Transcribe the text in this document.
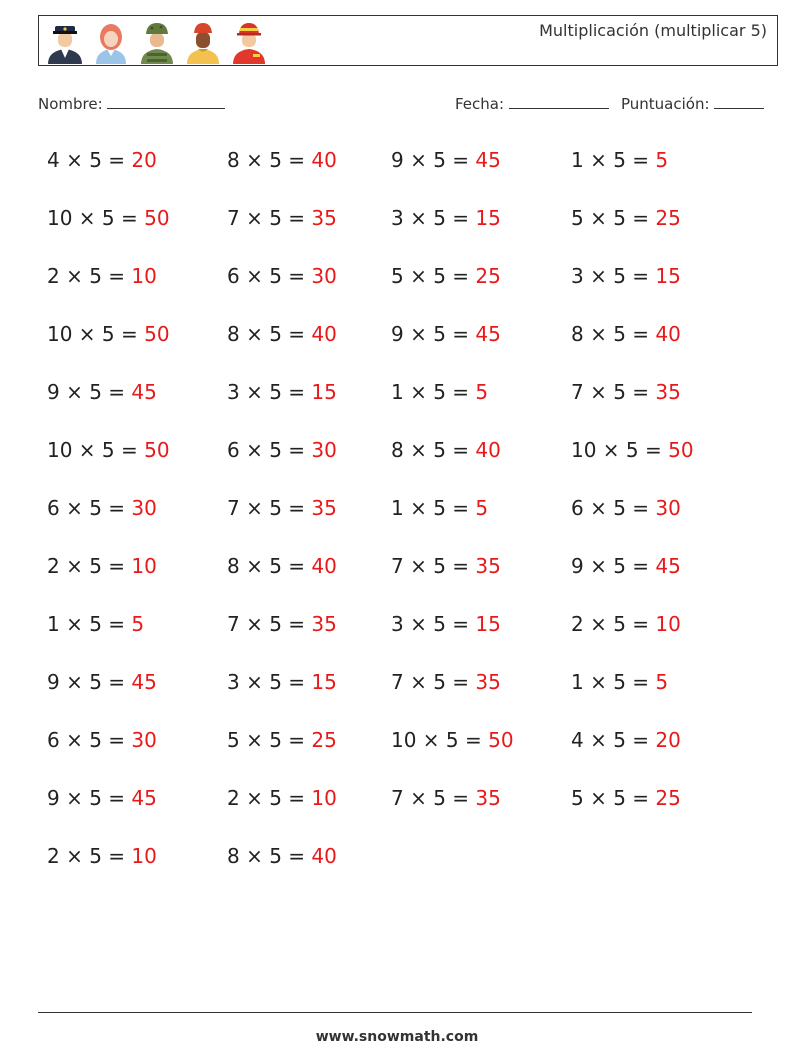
Multiplicación (multiplicar 5)
Nombre:	Fecha:	Puntuación:
4 × 5 = 20	8 × 5 = 40	9 × 5 = 45	1 × 5 = 5
10 × 5 = 50	7 × 5 = 35	3 × 5 = 15	5 × 5 = 25
2 × 5 = 10	6 × 5 = 30	5 × 5 = 25	3 × 5 = 15
10 × 5 = 50	8 × 5 = 40	9 × 5 = 45	8 × 5 = 40
9 × 5 = 45	3 × 5 = 15	1 × 5 = 5	7 × 5 = 35
10 × 5 = 50	6 × 5 = 30	8 × 5 = 40	10 × 5 = 50
6 × 5 = 30	7 × 5 = 35	1 × 5 = 5	6 × 5 = 30
2 × 5 = 10	8 × 5 = 40	7 × 5 = 35	9 × 5 = 45
1 × 5 = 5	7 × 5 = 35	3 × 5 = 15	2 × 5 = 10
9 × 5 = 45	3 × 5 = 15	7 × 5 = 35	1 × 5 = 5
6 × 5 = 30	5 × 5 = 25	10 × 5 = 50	4 × 5 = 20
9 × 5 = 45	2 × 5 = 10	7 × 5 = 35	5 × 5 = 25
2 × 5 = 10	8 × 5 = 40
www.snowmath.com
